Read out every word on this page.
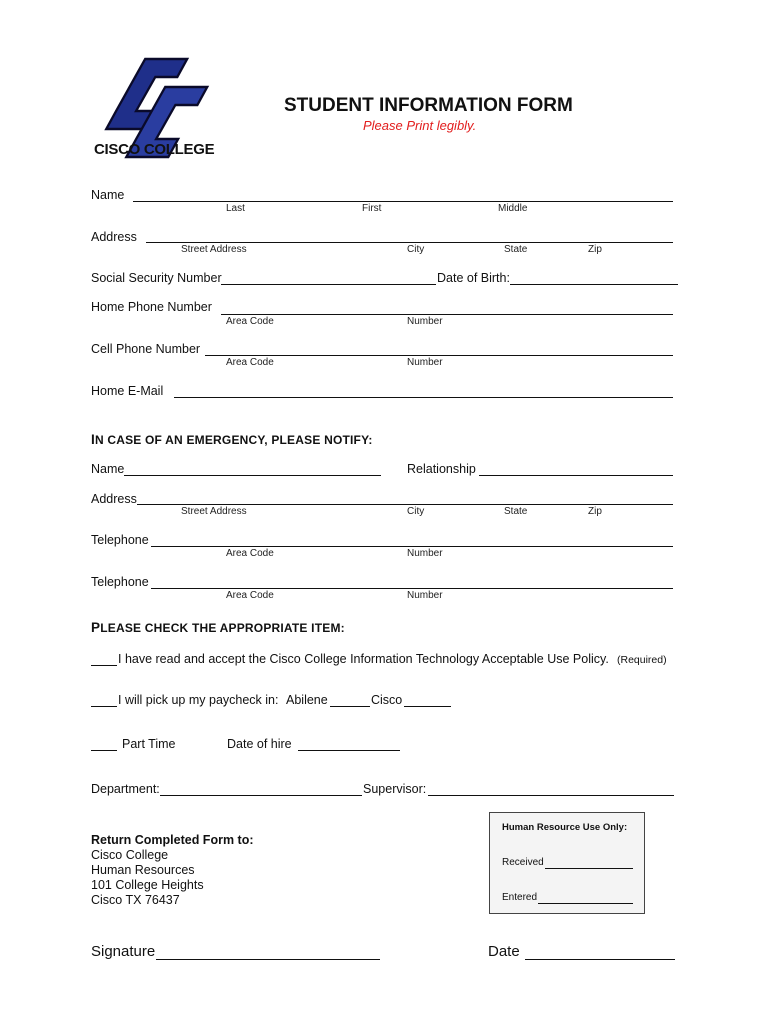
CISCO COLLEGE
STUDENT INFORMATION FORM
Please Print legibly.
Name
Last	First	Middle
Address
Street Address	City	State	Zip
Social Security Number	Date of Birth:
Home Phone Number
Area Code	Number
Cell Phone Number
Area Code	Number
Home E-Mail
IN CASE OF AN EMERGENCY, PLEASE NOTIFY:
Name	Relationship
Address
Street Address	City	State	Zip
Telephone
Area Code	Number
Telephone
Area Code	Number
PLEASE CHECK THE APPROPRIATE ITEM:
I have read and accept the Cisco College Information Technology Acceptable Use Policy. (Required)
I will pick up my paycheck in: Abilene	Cisco
Part Time	Date of hire
Department:	Supervisor:
Return Completed Form to:
Cisco College
Human Resources
101 College Heights
Cisco TX 76437
Human Resource Use Only:
Received
Entered
Signature	Date
